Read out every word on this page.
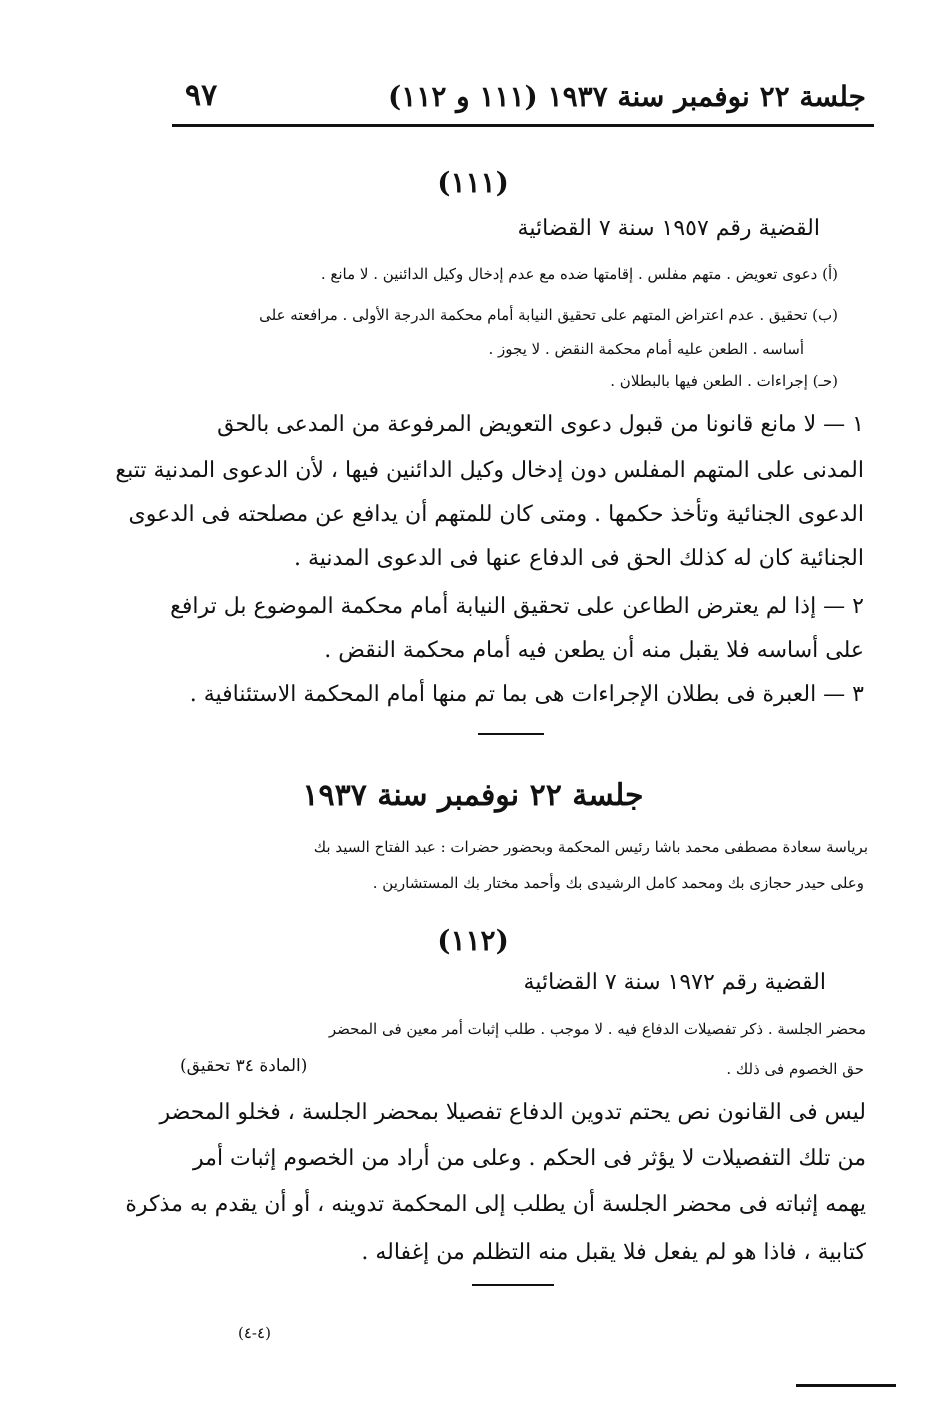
جلسة ٢٢ نوفمبر سنة ١٩٣٧ (١١١ و ١١٢)
٩٧
(١١١)
القضية رقم ١٩٥٧ سنة ٧ القضائية
(أ) دعوى تعويض . متهم مفلس . إقامتها ضده مع عدم إدخال وكيل الدائنين . لا مانع .
(ب) تحقيق . عدم اعتراض المتهم على تحقيق النيابة أمام محكمة الدرجة الأولى . مرافعته على
أساسه . الطعن عليه أمام محكمة النقض . لا يجوز .
(حـ) إجراءات . الطعن فيها بالبطلان .
١ — لا مانع قانونا من قبول دعوى التعويض المرفوعة من المدعى بالحق
المدنى على المتهم المفلس دون إدخال وكيل الدائنين فيها ، لأن الدعوى المدنية تتبع
الدعوى الجنائية وتأخذ حكمها . ومتى كان للمتهم أن يدافع عن مصلحته فى الدعوى
الجنائية كان له كذلك الحق فى الدفاع عنها فى الدعوى المدنية .
٢ — إذا لم يعترض الطاعن على تحقيق النيابة أمام محكمة الموضوع بل ترافع
على أساسه فلا يقبل منه أن يطعن فيه أمام محكمة النقض .
٣ — العبرة فى بطلان الإجراءات هى بما تم منها أمام المحكمة الاستئنافية .
جلسة ٢٢ نوفمبر سنة ١٩٣٧
برياسة سعادة مصطفى محمد باشا رئيس المحكمة وبحضور حضرات : عبد الفتاح السيد بك
وعلى حيدر حجازى بك ومحمد كامل الرشيدى بك وأحمد مختار بك المستشارين .
(١١٢)
القضية رقم ١٩٧٢ سنة ٧ القضائية
محضر الجلسة . ذكر تفصيلات الدفاع فيه . لا موجب . طلب إثبات أمر معين فى المحضر
حق الخصوم فى ذلك .
(المادة ٣٤ تحقيق)
ليس فى القانون نص يحتم تدوين الدفاع تفصيلا بمحضر الجلسة ، فخلو المحضر
من تلك التفصيلات لا يؤثر فى الحكم . وعلى من أراد من الخصوم إثبات أمر
يهمه إثباته فى محضر الجلسة أن يطلب إلى المحكمة تدوينه ، أو أن يقدم به مذكرة
كتابية ، فاذا هو لم يفعل فلا يقبل منه التظلم من إغفاله .
(٤-٤)
